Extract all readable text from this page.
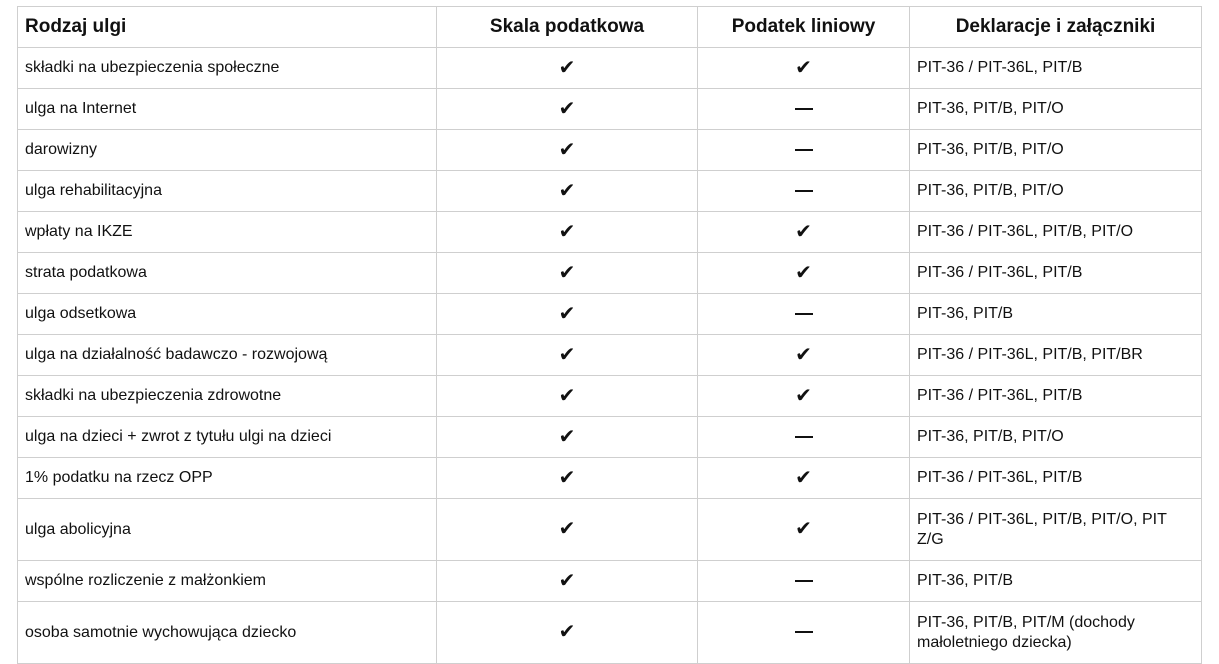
Rodzaj ulgi	Skala podatkowa	Podatek liniowy	Deklaracje i załączniki
składki na ubezpieczenia społeczne	✔	✔	PIT-36 / PIT-36L, PIT/B

ulga na Internet	✔		PIT-36, PIT/B, PIT/O

darowizny	✔		PIT-36, PIT/B, PIT/O

ulga rehabilitacyjna	✔		PIT-36, PIT/B, PIT/O

wpłaty na IKZE	✔	✔	PIT-36 / PIT-36L, PIT/B, PIT/O

strata podatkowa	✔	✔	PIT-36 / PIT-36L, PIT/B

ulga odsetkowa	✔		PIT-36, PIT/B

ulga na działalność badawczo - rozwojową	✔	✔	PIT-36 / PIT-36L, PIT/B, PIT/BR

składki na ubezpieczenia zdrowotne	✔	✔	PIT-36 / PIT-36L, PIT/B

ulga na dzieci + zwrot z tytułu ulgi na dzieci	✔		PIT-36, PIT/B, PIT/O

1% podatku na rzecz OPP	✔	✔	PIT-36 / PIT-36L, PIT/B

ulga abolicyjna	✔	✔	PIT-36 / PIT-36L, PIT/B, PIT/O, PIT Z/G

wspólne rozliczenie z małżonkiem	✔		PIT-36, PIT/B

osoba samotnie wychowująca dziecko	✔		PIT-36, PIT/B, PIT/M (dochody małoletniego dziecka)
